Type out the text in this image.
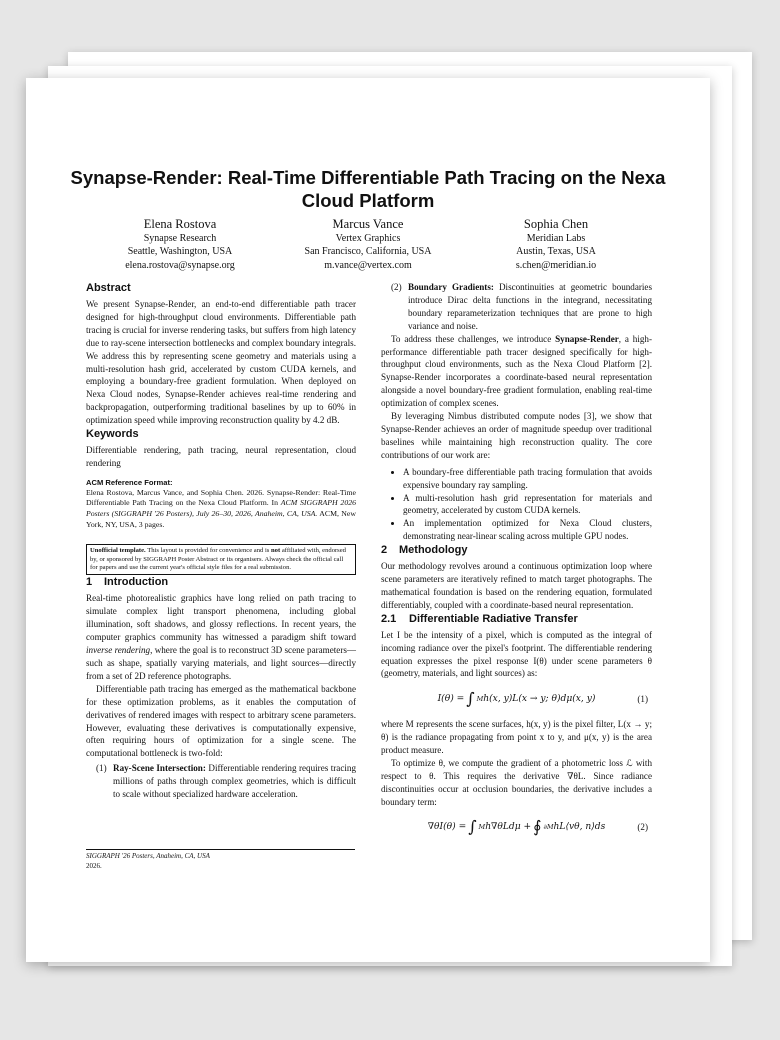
Synapse-Render: Real-Time Differentiable Path Tracing on the Nexa Cloud Platform
Elena Rostova
Synapse Research
Seattle, Washington, USA
elena.rostova@synapse.org
Marcus Vance
Vertex Graphics
San Francisco, California, USA
m.vance@vertex.com
Sophia Chen
Meridian Labs
Austin, Texas, USA
s.chen@meridian.io
Abstract

We present Synapse-Render, an end-to-end differentiable path tracer designed for high-throughput cloud environments. Differentiable path tracing is crucial for inverse rendering tasks, but suffers from high latency due to ray-scene intersection bottlenecks and complex boundary integrals. We address this by representing scene geometry and materials using a multi-resolution hash grid, accelerated by custom CUDA kernels, and employing a boundary-free gradient formulation. When deployed on Nexa Cloud nodes, Synapse-Render achieves real-time rendering and backpropagation, outperforming traditional baselines by up to 60% in optimization speed while improving reconstruction quality by 4.2 dB.

Keywords

Differentiable rendering, path tracing, neural representation, cloud rendering

ACM Reference Format:
Elena Rostova, Marcus Vance, and Sophia Chen. 2026. Synapse-Render: Real-Time Differentiable Path Tracing on the Nexa Cloud Platform. In ACM SIGGRAPH 2026 Posters (SIGGRAPH '26 Posters), July 26–30, 2026, Anaheim, CA, USA. ACM, New York, NY, USA, 3 pages.
Unofficial template. This layout is provided for convenience and is not affiliated with, endorsed by, or sponsored by SIGGRAPH Poster Abstract or its organisers. Always check the official call for papers and use the current year's official style files for a real submission.
1 Introduction

Real-time photorealistic graphics have long relied on path tracing to simulate complex light transport phenomena, including global illumination, soft shadows, and glossy reflections. In recent years, the computer graphics community has witnessed a paradigm shift toward inverse rendering, where the goal is to reconstruct 3D scene parameters—such as shape, spatially varying materials, and light sources—directly from a set of 2D reference photographs.

Differentiable path tracing has emerged as the mathematical backbone for these optimization problems, as it enables the computation of derivatives of rendered images with respect to arbitrary scene parameters. However, evaluating these derivatives is computationally expensive, often requiring hours of optimization for a single scene. The computational bottleneck is two-fold:

(1) Ray-Scene Intersection: Differentiable rendering requires tracing millions of paths through complex geometries, which is difficult to scale without specialized hardware acceleration.
SIGGRAPH '26 Posters, Anaheim, CA, USA
2026.
(2) Boundary Gradients: Discontinuities at geometric boundaries introduce Dirac delta functions in the integrand, necessitating boundary reparameterization techniques that are prone to high variance and noise.

To address these challenges, we introduce Synapse-Render, a high-performance differentiable path tracer designed specifically for high-throughput cloud environments, such as the Nexa Cloud Platform [2]. Synapse-Render incorporates a coordinate-based neural representation alongside a novel boundary-free gradient formulation, enabling real-time optimization of complex scenes.

By leveraging Nimbus distributed compute nodes [3], we show that Synapse-Render achieves an order of magnitude speedup over traditional baselines while maintaining high reconstruction quality. The core contributions of our work are:

• A boundary-free differentiable path tracing formulation that avoids expensive boundary ray sampling.
• A multi-resolution hash grid representation for materials and geometry, accelerated by custom CUDA kernels.
• An implementation optimized for Nexa Cloud clusters, demonstrating near-linear scaling across multiple GPU nodes.
2 Methodology

Our methodology revolves around a continuous optimization loop where scene parameters are iteratively refined to match target photographs. The mathematical foundation is based on the rendering equation, formulated differentiably, coupled with a coordinate-based neural representation.

2.1 Differentiable Radiative Transfer

Let I be the intensity of a pixel, which is computed as the integral of incoming radiance over the pixel's footprint. The differentiable rendering equation expresses the pixel response I(θ) under scene parameters θ (geometry, materials, and light sources) as:

I(θ) = ∫ M h(x, y)L(x → y; θ)dμ(x, y)	(1)

where M represents the scene surfaces, h(x, y) is the pixel filter, L(x → y; θ) is the radiance propagating from point x to y, and μ(x, y) is the area product measure.

To optimize θ, we compute the gradient of a photometric loss ℒ with respect to θ. This requires the derivative ∇θL. Since radiance discontinuities occur at occlusion boundaries, the derivative includes a boundary term:

∇θI(θ) = ∫ M h∇θLdμ + ∮ ∂M hL⟨vθ, n⟩ds	(2)
